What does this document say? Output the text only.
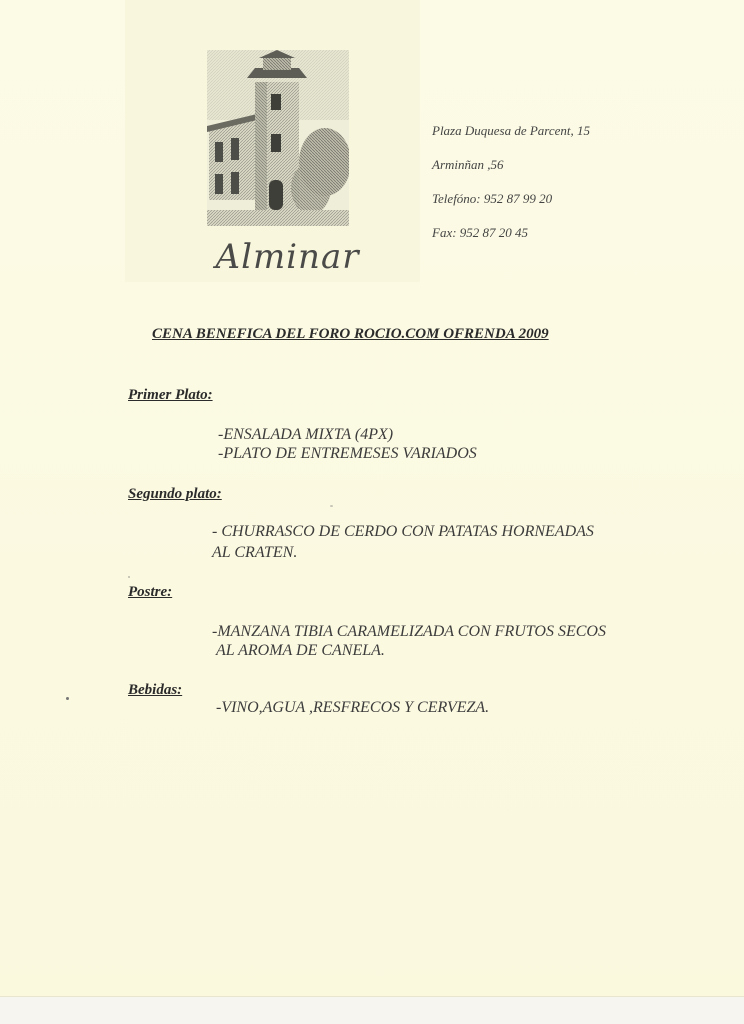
Alminar
Plaza Duquesa de Parcent, 15
Arminñan ,56
Telefóno: 952 87 99 20
Fax: 952 87 20 45
CENA BENEFICA DEL FORO ROCIO.COM OFRENDA 2009
Primer Plato:
-ENSALADA MIXTA (4PX)
-PLATO DE ENTREMESES VARIADOS
Segundo plato:
- CHURRASCO DE CERDO CON PATATAS HORNEADAS
AL CRATEN.
Postre:
-MANZANA TIBIA CARAMELIZADA CON FRUTOS SECOS
AL AROMA DE CANELA.
Bebidas:
-VINO,AGUA ,RESFRECOS Y CERVEZA.
